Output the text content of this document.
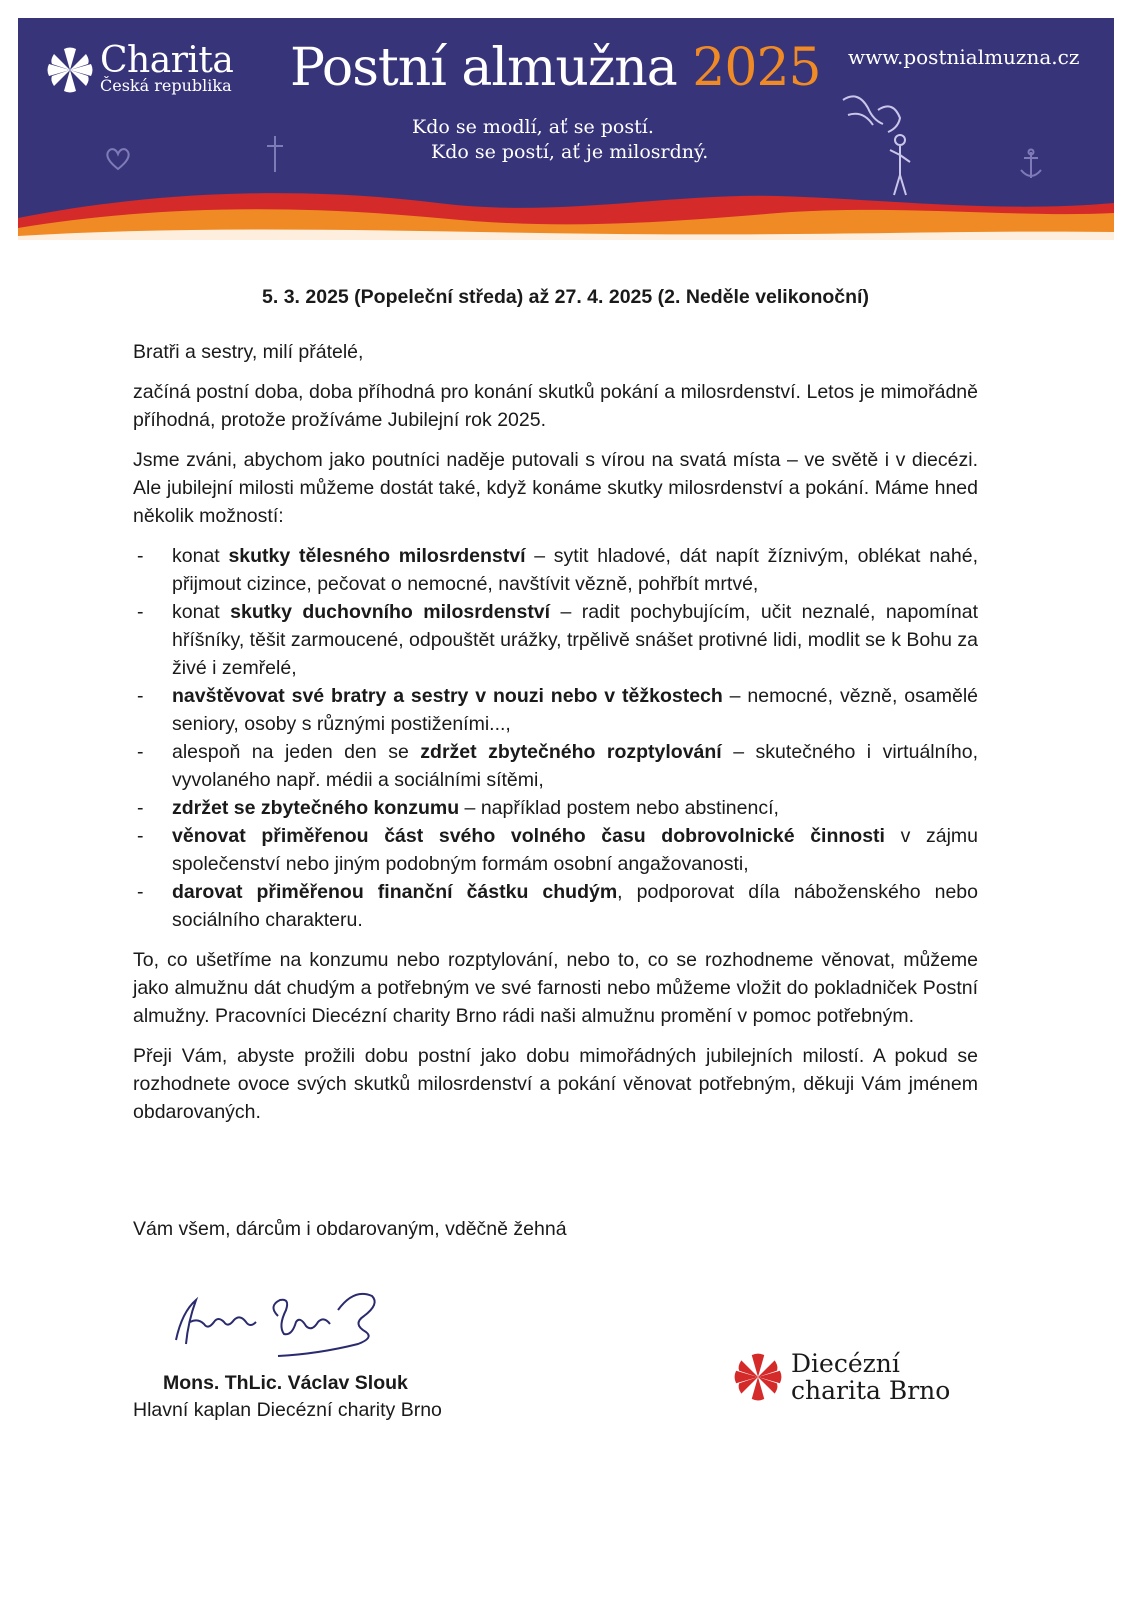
Charita
Česká republika Postní almužna 2025 www.postnialmuzna.cz
Kdo se modlí, ať se postí.
Kdo se postí, ať je milosrdný.
5. 3. 2025 (Popeleční středa) až 27. 4. 2025 (2. Neděle velikonoční)

Bratři a sestry, milí přátelé,

začíná postní doba, doba příhodná pro konání skutků pokání a milosrdenství. Letos je mimořádně příhodná, protože prožíváme Jubilejní rok 2025.

Jsme zváni, abychom jako poutníci naděje putovali s vírou na svatá místa – ve světě i v diecézi. Ale jubilejní milosti můžeme dostát také, když konáme skutky milosrdenství a pokání. Máme hned několik možností:

- konat skutky tělesného milosrdenství – sytit hladové, dát napít žíznivým, oblékat nahé, přijmout cizince, pečovat o nemocné, navštívit vězně, pohřbít mrtvé,
- konat skutky duchovního milosrdenství – radit pochybujícím, učit neznalé, napomínat hříšníky, těšit zarmoucené, odpouštět urážky, trpělivě snášet protivné lidi, modlit se k Bohu za živé i zemřelé,
- navštěvovat své bratry a sestry v nouzi nebo v těžkostech – nemocné, vězně, osamělé seniory, osoby s různými postiženími...,
- alespoň na jeden den se zdržet zbytečného rozptylování – skutečného i virtuálního, vyvolaného např. médii a sociálními sítěmi,
- zdržet se zbytečného konzumu – například postem nebo abstinencí,
- věnovat přiměřenou část svého volného času dobrovolnické činnosti v zájmu společenství nebo jiným podobným formám osobní angažovanosti,
- darovat přiměřenou finanční částku chudým, podporovat díla náboženského nebo sociálního charakteru.

To, co ušetříme na konzumu nebo rozptylování, nebo to, co se rozhodneme věnovat, můžeme jako almužnu dát chudým a potřebným ve své farnosti nebo můžeme vložit do pokladniček Postní almužny. Pracovníci Diecézní charity Brno rádi naši almužnu promění v pomoc potřebným.

Přeji Vám, abyste prožili dobu postní jako dobu mimořádných jubilejních milostí. A pokud se rozhodnete ovoce svých skutků milosrdenství a pokání věnovat potřebným, děkuji Vám jménem obdarovaných.

Vám všem, dárcům i obdarovaným, vděčně žehná
Mons. ThLic. Václav Slouk
Hlavní kaplan Diecézní charity Brno
Diecézní
charita Brno
